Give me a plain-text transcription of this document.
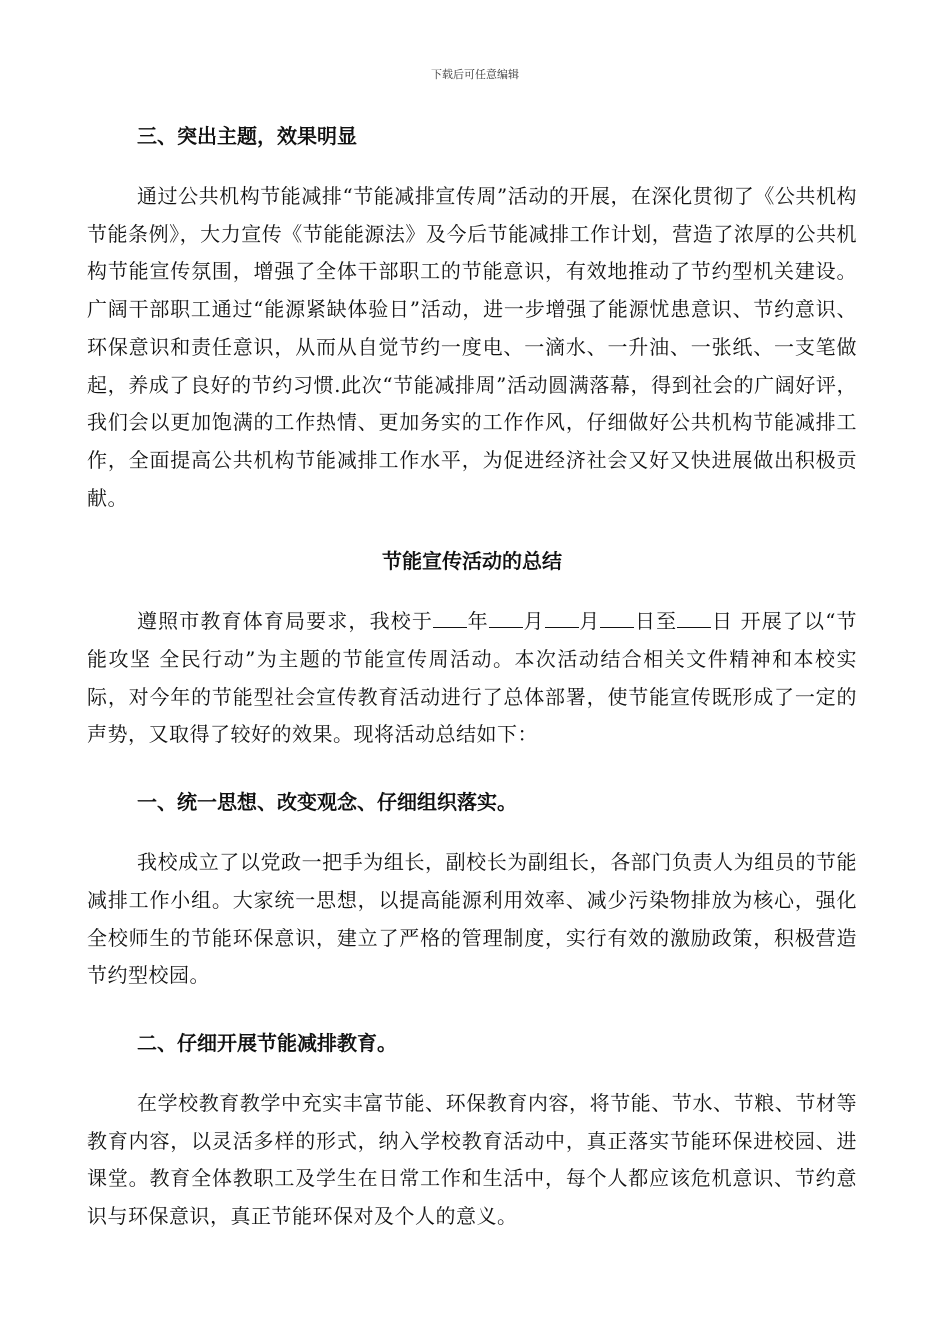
下载后可任意编辑

三、突出主题，效果明显

通过公共机构节能减排“节能减排宣传周”活动的开展，在深化贯彻了《公共机构节能条例》，大力宣传《节能能源法》及今后节能减排工作计划，营造了浓厚的公共机构节能宣传氛围，增强了全体干部职工的节能意识，有效地推动了节约型机关建设。广阔干部职工通过“能源紧缺体验日”活动，进一步增强了能源忧患意识、节约意识、环保意识和责任意识，从而从自觉节约一度电、一滴水、一升油、一张纸、一支笔做起，养成了良好的节约习惯.此次“节能减排周”活动圆满落幕，得到社会的广阔好评，我们会以更加饱满的工作热情、更加务实的工作作风，仔细做好公共机构节能减排工作，全面提高公共机构节能减排工作水平，为促进经济社会又好又快进展做出积极贡献。

节能宣传活动的总结

遵照市教育体育局要求，我校于 年 月 月 日至 日 开展了以“节能攻坚 全民行动”为主题的节能宣传周活动。本次活动结合相关文件精神和本校实际，对今年的节能型社会宣传教育活动进行了总体部署，使节能宣传既形成了一定的声势，又取得了较好的效果。现将活动总结如下：

一、统一思想、改变观念、仔细组织落实。

我校成立了以党政一把手为组长，副校长为副组长，各部门负责人为组员的节能减排工作小组。大家统一思想，以提高能源利用效率、减少污染物排放为核心，强化全校师生的节能环保意识，建立了严格的管理制度，实行有效的激励政策，积极营造节约型校园。

二、仔细开展节能减排教育。

在学校教育教学中充实丰富节能、环保教育内容，将节能、节水、节粮、节材等教育内容，以灵活多样的形式，纳入学校教育活动中，真正落实节能环保进校园、进课堂。教育全体教职工及学生在日常工作和生活中，每个人都应该危机意识、节约意识与环保意识，真正节能环保对及个人的意义。
